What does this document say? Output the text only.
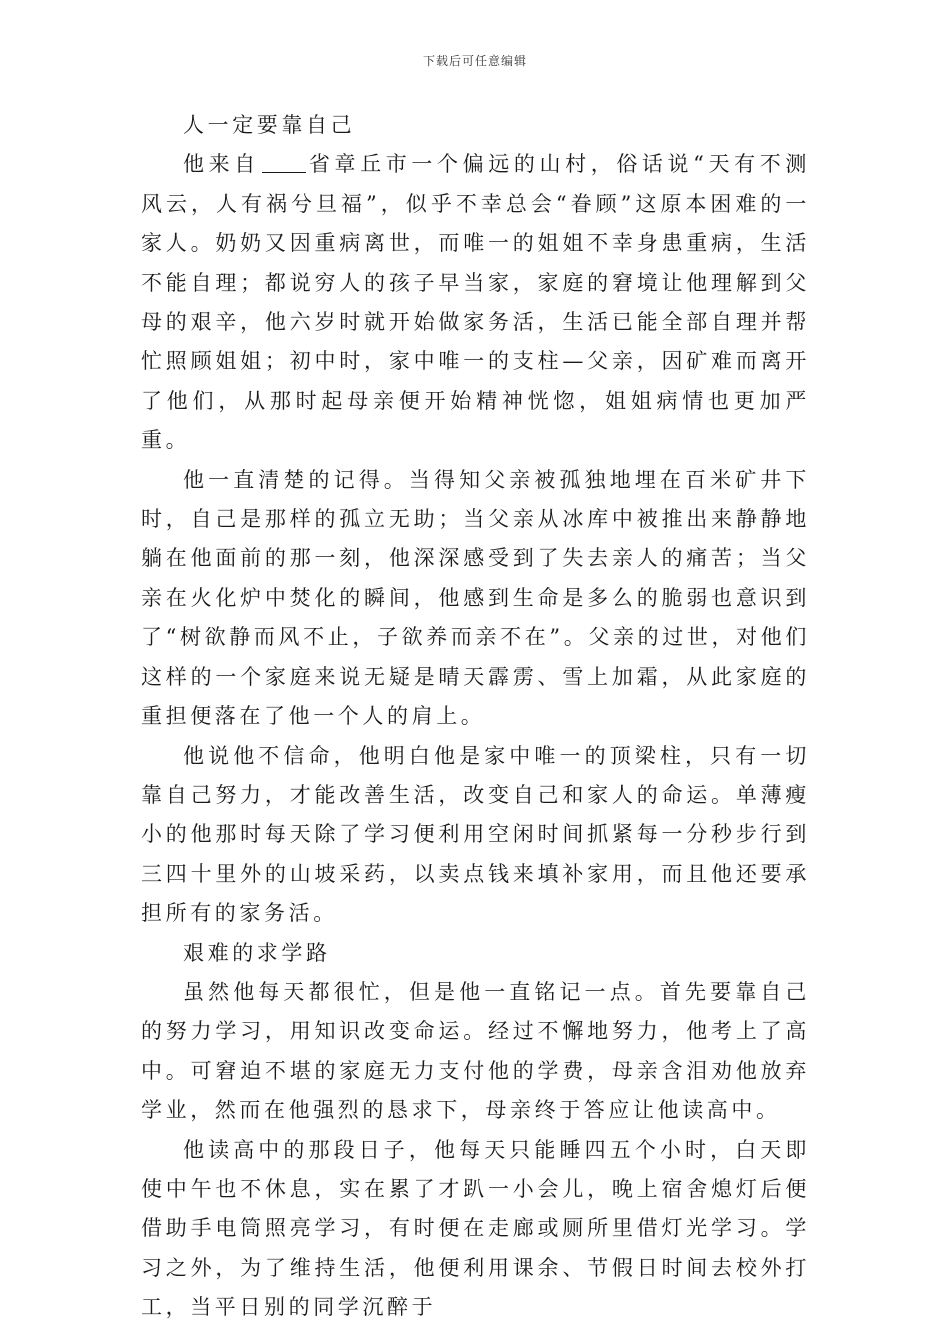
下载后可任意编辑

人一定要靠自己

他来自 省章丘市一个偏远的山村，俗话说“天有不测风云，人有祸兮旦福”，似乎不幸总会“眷顾”这原本困难的一家人。奶奶又因重病离世，而唯一的姐姐不幸身患重病，生活不能自理；都说穷人的孩子早当家，家庭的窘境让他理解到父母的艰辛，他六岁时就开始做家务活，生活已能全部自理并帮忙照顾姐姐；初中时，家中唯一的支柱—父亲，因矿难而离开了他们，从那时起母亲便开始精神恍惚，姐姐病情也更加严重。

他一直清楚的记得。当得知父亲被孤独地埋在百米矿井下时，自己是那样的孤立无助；当父亲从冰库中被推出来静静地躺在他面前的那一刻，他深深感受到了失去亲人的痛苦；当父亲在火化炉中焚化的瞬间，他感到生命是多么的脆弱也意识到了“树欲静而风不止，子欲养而亲不在”。父亲的过世，对他们这样的一个家庭来说无疑是晴天霹雳、雪上加霜，从此家庭的重担便落在了他一个人的肩上。

他说他不信命，他明白他是家中唯一的顶梁柱，只有一切靠自己努力，才能改善生活，改变自己和家人的命运。单薄瘦小的他那时每天除了学习便利用空闲时间抓紧每一分秒步行到三四十里外的山坡采药，以卖点钱来填补家用，而且他还要承担所有的家务活。

艰难的求学路

虽然他每天都很忙，但是他一直铭记一点。首先要靠自己的努力学习，用知识改变命运。经过不懈地努力，他考上了高中。可窘迫不堪的家庭无力支付他的学费，母亲含泪劝他放弃学业，然而在他强烈的恳求下，母亲终于答应让他读高中。

他读高中的那段日子，他每天只能睡四五个小时，白天即使中午也不休息，实在累了才趴一小会儿，晚上宿舍熄灯后便借助手电筒照亮学习，有时便在走廊或厕所里借灯光学习。学习之外，为了维持生活，他便利用课余、节假日时间去校外打工，当平日别的同学沉醉于
